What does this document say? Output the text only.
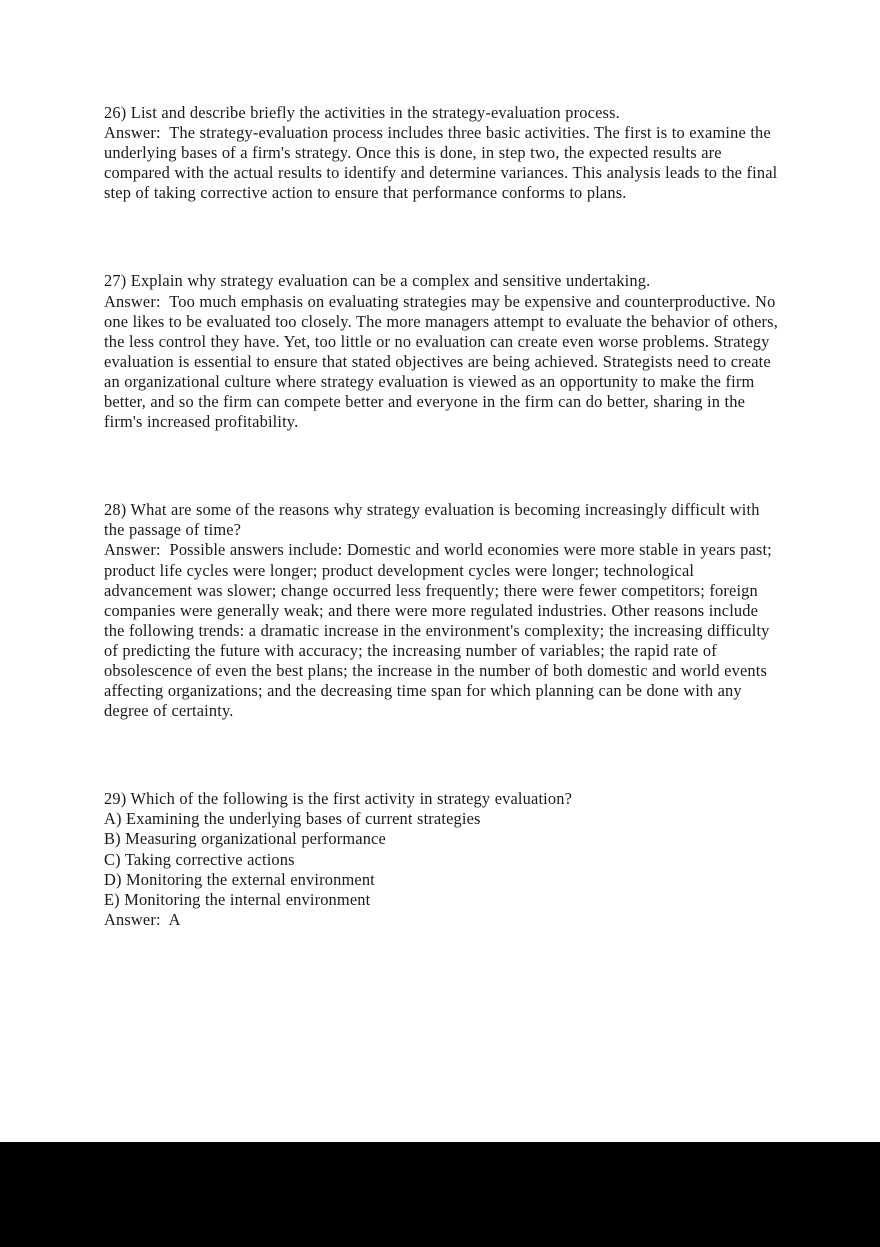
26) List and describe briefly the activities in the strategy-evaluation process.
Answer:  The strategy-evaluation process includes three basic activities. The first is to examine the underlying bases of a firm's strategy. Once this is done, in step two, the expected results are compared with the actual results to identify and determine variances. This analysis leads to the final step of taking corrective action to ensure that performance conforms to plans.
27) Explain why strategy evaluation can be a complex and sensitive undertaking.
Answer:  Too much emphasis on evaluating strategies may be expensive and counterproductive. No one likes to be evaluated too closely. The more managers attempt to evaluate the behavior of others, the less control they have. Yet, too little or no evaluation can create even worse problems. Strategy evaluation is essential to ensure that stated objectives are being achieved. Strategists need to create an organizational culture where strategy evaluation is viewed as an opportunity to make the firm better, and so the firm can compete better and everyone in the firm can do better, sharing in the firm's increased profitability.
28) What are some of the reasons why strategy evaluation is becoming increasingly difficult with the passage of time?
Answer:  Possible answers include: Domestic and world economies were more stable in years past; product life cycles were longer; product development cycles were longer; technological advancement was slower; change occurred less frequently; there were fewer competitors; foreign companies were generally weak; and there were more regulated industries. Other reasons include the following trends: a dramatic increase in the environment's complexity; the increasing difficulty of predicting the future with accuracy; the increasing number of variables; the rapid rate of obsolescence of even the best plans; the increase in the number of both domestic and world events affecting organizations; and the decreasing time span for which planning can be done with any degree of certainty.
29) Which of the following is the first activity in strategy evaluation?
A) Examining the underlying bases of current strategies
B) Measuring organizational performance
C) Taking corrective actions
D) Monitoring the external environment
E) Monitoring the internal environment
Answer:  A
